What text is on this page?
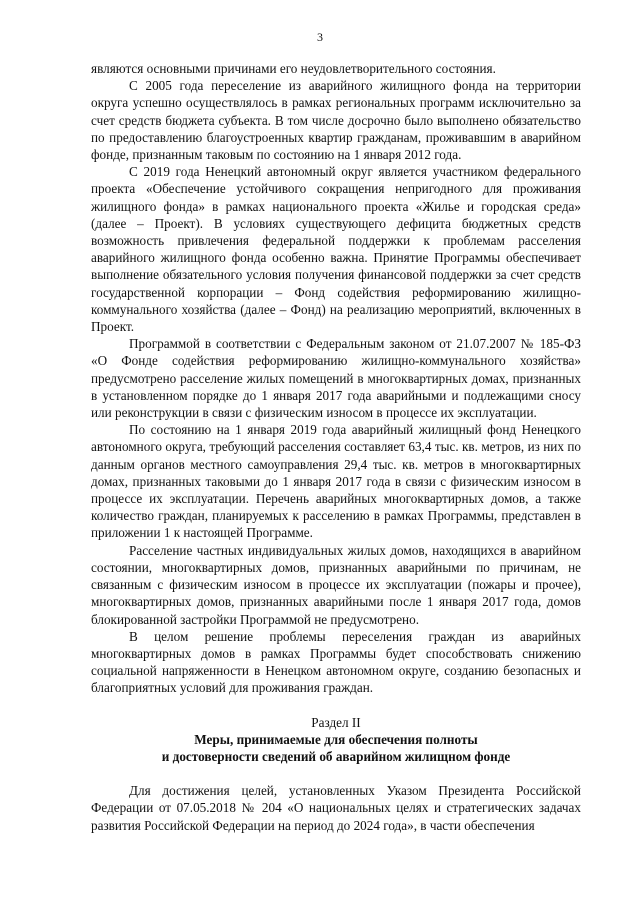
3

являются основными причинами его неудовлетворительного состояния.

С 2005 года переселение из аварийного жилищного фонда на территории округа успешно осуществлялось в рамках региональных программ исключительно за счет средств бюджета субъекта. В том числе досрочно было выполнено обязательство по предоставлению благоустроенных квартир гражданам, проживавшим в аварийном фонде, признанным таковым по состоянию на 1 января 2012 года.

С 2019 года Ненецкий автономный округ является участником федерального проекта «Обеспечение устойчивого сокращения непригодного для проживания жилищного фонда» в рамках национального проекта «Жилье и городская среда» (далее – Проект). В условиях существующего дефицита бюджетных средств возможность привлечения федеральной поддержки к проблемам расселения аварийного жилищного фонда особенно важна. Принятие Программы обеспечивает выполнение обязательного условия получения финансовой поддержки за счет средств государственной корпорации – Фонд содействия реформированию жилищно-коммунального хозяйства (далее – Фонд) на реализацию мероприятий, включенных в Проект.

Программой в соответствии с Федеральным законом от 21.07.2007 № 185-ФЗ «О Фонде содействия реформированию жилищно-коммунального хозяйства» предусмотрено расселение жилых помещений в многоквартирных домах, признанных в установленном порядке до 1 января 2017 года аварийными и подлежащими сносу или реконструкции в связи с физическим износом в процессе их эксплуатации.

По состоянию на 1 января 2019 года аварийный жилищный фонд Ненецкого автономного округа, требующий расселения составляет 63,4 тыс. кв. метров, из них по данным органов местного самоуправления 29,4 тыс. кв. метров в многоквартирных домах, признанных таковыми до 1 января 2017 года в связи с физическим износом в процессе их эксплуатации. Перечень аварийных многоквартирных домов, а также количество граждан, планируемых к расселению в рамках Программы, представлен в приложении 1 к настоящей Программе.

Расселение частных индивидуальных жилых домов, находящихся в аварийном состоянии, многоквартирных домов, признанных аварийными по причинам, не связанным с физическим износом в процессе их эксплуатации (пожары и прочее), многоквартирных домов, признанных аварийными после 1 января 2017 года, домов блокированной застройки Программой не предусмотрено.

В целом решение проблемы переселения граждан из аварийных многоквартирных домов в рамках Программы будет способствовать снижению социальной напряженности в Ненецком автономном округе, созданию безопасных и благоприятных условий для проживания граждан.

Раздел II
Меры, принимаемые для обеспечения полноты
и достоверности сведений об аварийном жилищном фонде

Для достижения целей, установленных Указом Президента Российской Федерации от 07.05.2018 № 204 «О национальных целях и стратегических задачах развития Российской Федерации на период до 2024 года», в части обеспечения
